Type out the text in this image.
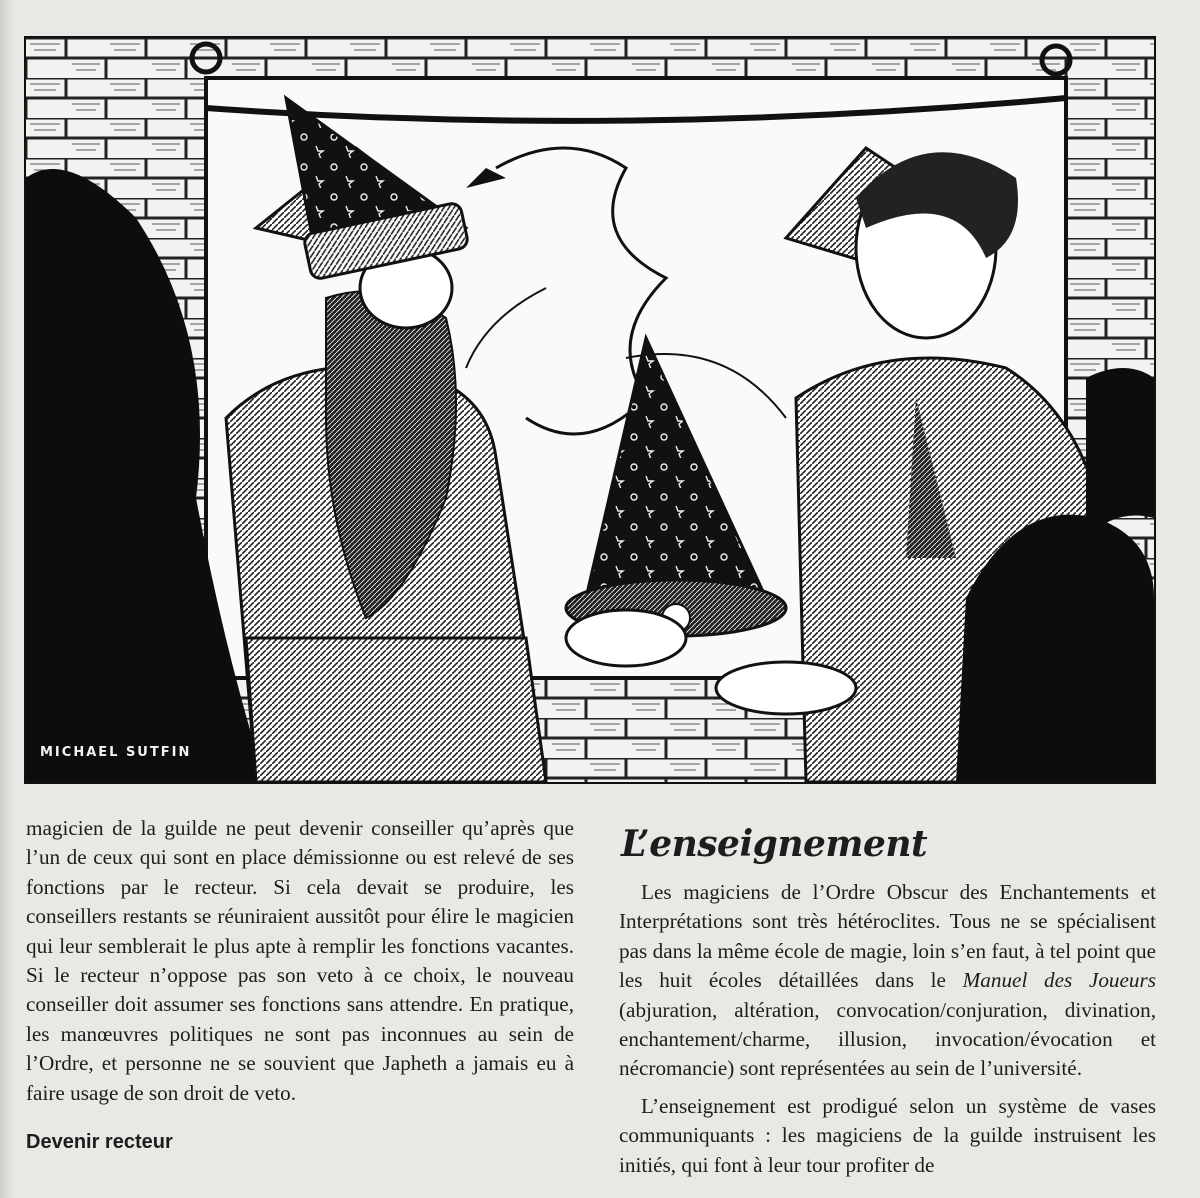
MICHAEL SUTFIN

magicien de la guilde ne peut devenir conseiller qu’après que l’un de ceux qui sont en place démissionne ou est relevé de ses fonctions par le recteur. Si cela devait se produire, les conseillers restants se réuniraient aussitôt pour élire le magicien qui leur semblerait le plus apte à remplir les fonctions vacantes. Si le recteur n’oppose pas son veto à ce choix, le nouveau conseiller doit assumer ses fonctions sans attendre. En pratique, les manœuvres politiques ne sont pas inconnues au sein de l’Ordre, et personne ne se souvient que Japheth a jamais eu à faire usage de son droit de veto.

Devenir recteur
L’enseignement

Les magiciens de l’Ordre Obscur des Enchantements et Interprétations sont très hétéroclites. Tous ne se spécialisent pas dans la même école de magie, loin s’en faut, à tel point que les huit écoles détaillées dans le Manuel des Joueurs (abjuration, altération, convocation/conjuration, divination, enchantement/charme, illusion, invocation/évocation et nécromancie) sont représentées au sein de l’université.

L’enseignement est prodigué selon un système de vases communiquants : les magiciens de la guilde instruisent les initiés, qui font à leur tour profiter de
